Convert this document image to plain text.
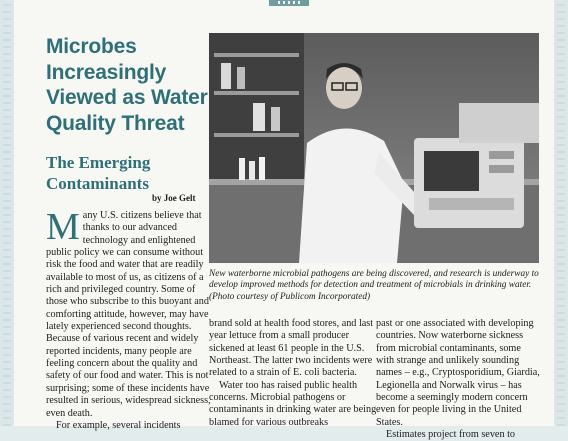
Microbes
Increasingly
Viewed as Water
Quality Threat
The Emerging
Contaminants
by Joe Gelt

Many U.S. citizens believe that thanks to our advanced technology and enlightened public policy we can consume without risk the food and water that are readily available to most of us, as citizens of a rich and privileged country. Some of those who subscribe to this buoyant and comforting attitude, however, may have lately experienced second thoughts. Because of various recent and widely reported incidents, many people are feeling concern about the quality and safety of our food and water. This is not surprising; some of these incidents have resulted in serious, widespread sickness, even death.

For example, several incidents

New waterborne microbial pathogens are being discovered, and research is underway to develop improved methods for detection and treatment of microbials in drinking water. (Photo courtesy of Publicom Incorporated)

brand sold at health food stores, and last year lettuce from a small producer sickened at least 61 people in the U.S. Northeast. The latter two incidents were related to a strain of E. coli bacteria.

Water too has raised public health concerns. Microbial pathogens or contaminants in drinking water are being blamed for various outbreaks

past or one associated with developing countries. Now waterborne sickness from microbial contaminants, some with strange and unlikely sounding names – e.g., Cryptosporidium, Giardia, Legionella and Norwalk virus – has become a seemingly modern concern even for people living in the United States.

Estimates project from seven to
